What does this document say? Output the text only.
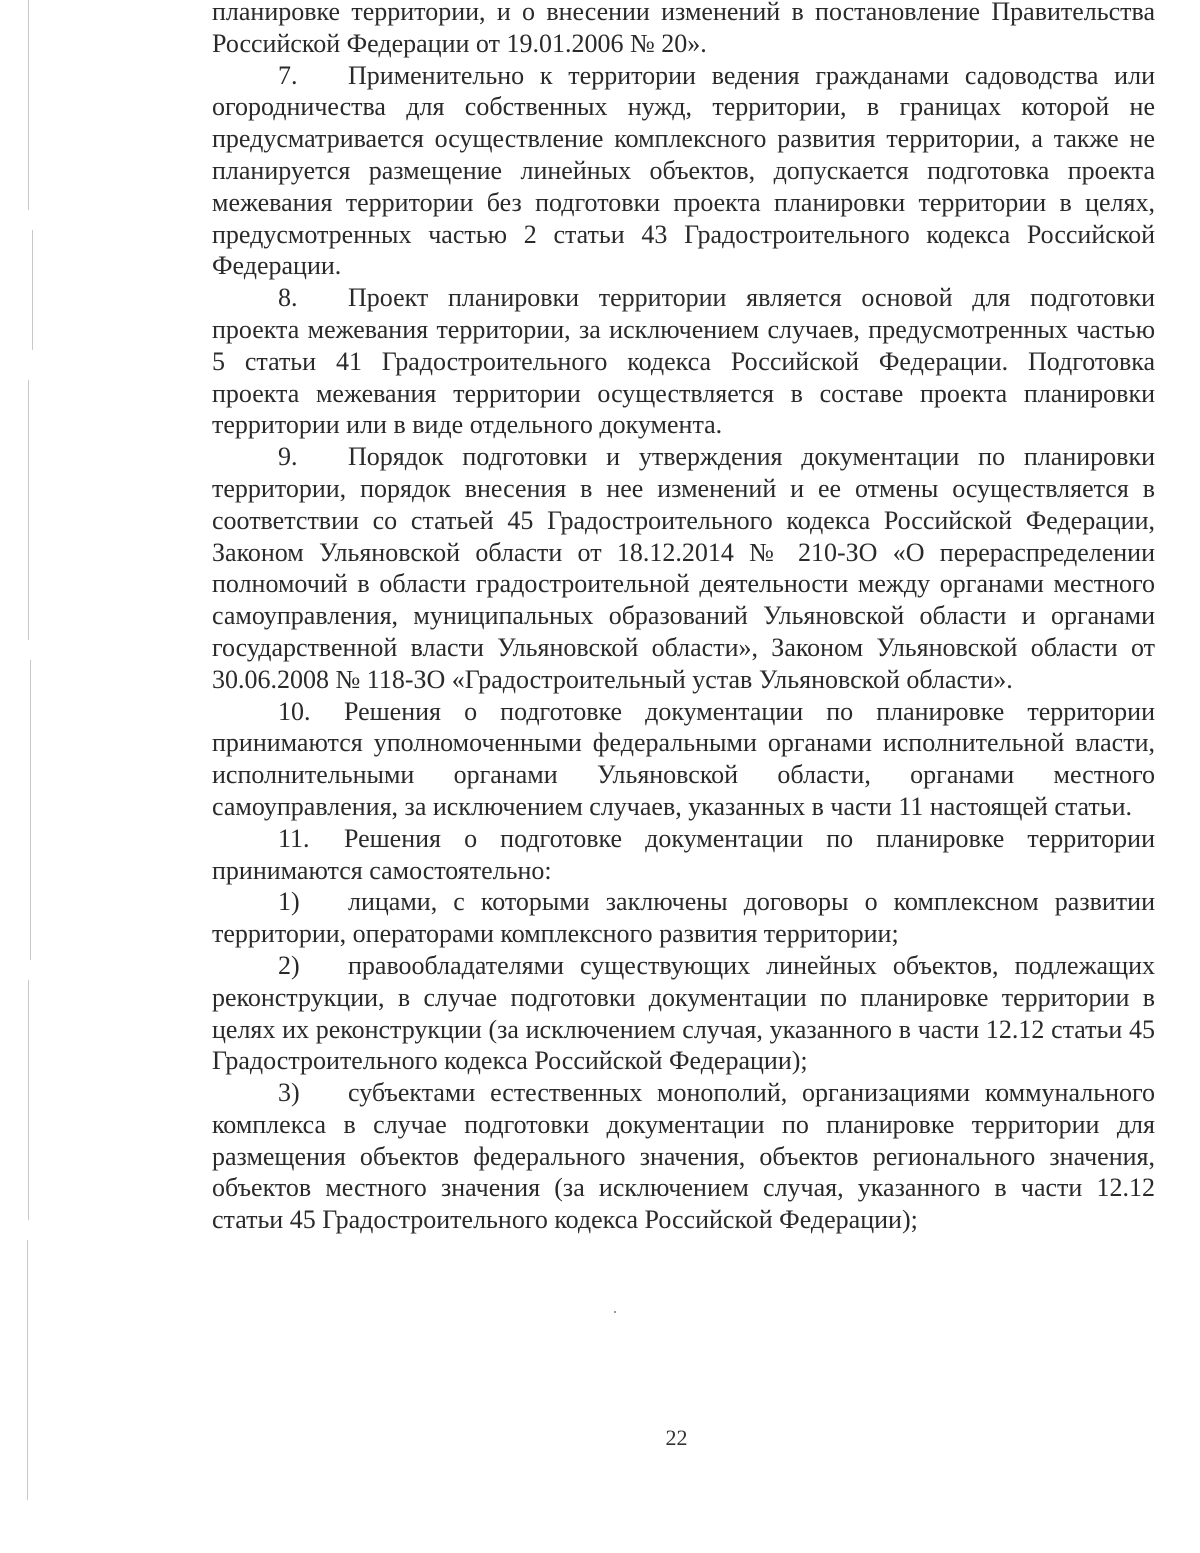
планировке территории, и о внесении изменений в постановление Правительства Российской Федерации от 19.01.2006 № 20».

7. Применительно к территории ведения гражданами садоводства или огородничества для собственных нужд, территории, в границах которой не предусматривается осуществление комплексного развития территории, а также не планируется размещение линейных объектов, допускается подготовка проекта межевания территории без подготовки проекта планировки территории в целях, предусмотренных частью 2 статьи 43 Градостроительного кодекса Российской Федерации.

8. Проект планировки территории является основой для подготовки проекта межевания территории, за исключением случаев, предусмотренных частью 5 статьи 41 Градостроительного кодекса Российской Федерации. Подготовка проекта межевания территории осуществляется в составе проекта планировки территории или в виде отдельного документа.

9. Порядок подготовки и утверждения документации по планировки территории, порядок внесения в нее изменений и ее отмены осуществляется в соответствии со статьей 45 Градостроительного кодекса Российской Федерации, Законом Ульяновской области от 18.12.2014 № 210-ЗО «О перераспределении полномочий в области градостроительной деятельности между органами местного самоуправления, муниципальных образований Ульяновской области и органами государственной власти Ульяновской области», Законом Ульяновской области от 30.06.2008 № 118-ЗО «Градостроительный устав Ульяновской области».

10. Решения о подготовке документации по планировке территории принимаются уполномоченными федеральными органами исполнительной власти, исполнительными органами Ульяновской области, органами местного самоуправления, за исключением случаев, указанных в части 11 настоящей статьи.

11. Решения о подготовке документации по планировке территории принимаются самостоятельно:

1) лицами, с которыми заключены договоры о комплексном развитии территории, операторами комплексного развития территории;

2) правообладателями существующих линейных объектов, подлежащих реконструкции, в случае подготовки документации по планировке территории в целях их реконструкции (за исключением случая, указанного в части 12.12 статьи 45 Градостроительного кодекса Российской Федерации);

3) субъектами естественных монополий, организациями коммунального комплекса в случае подготовки документации по планировке территории для размещения объектов федерального значения, объектов регионального значения, объектов местного значения (за исключением случая, указанного в части 12.12 статьи 45 Градостроительного кодекса Российской Федерации);

22
